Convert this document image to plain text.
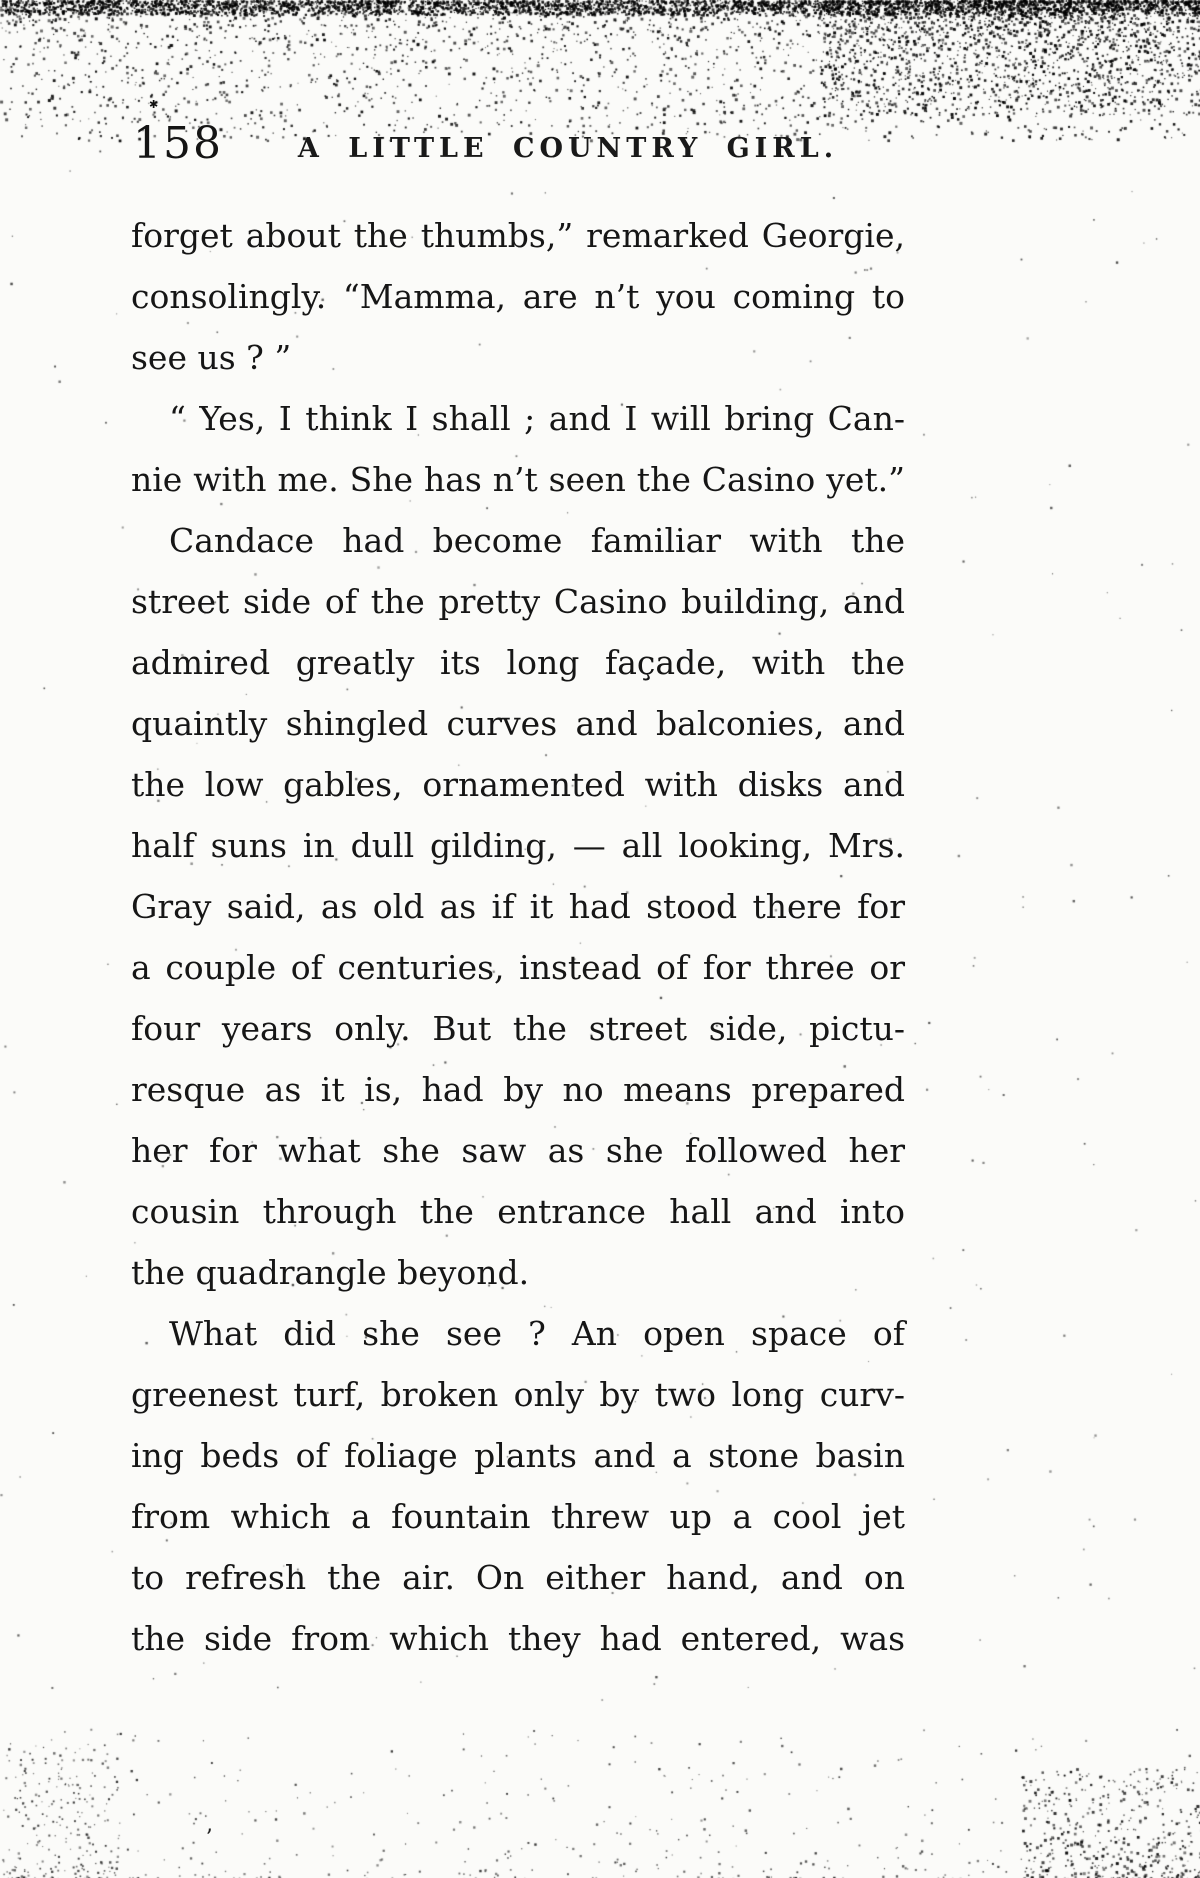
158
✱
A LITTLE COUNTRY GIRL.
forget about the thumbs,” remarked Georgie,
consolingly. “Mamma, are n’t you coming to
see us ? ”
“ Yes, I think I shall ; and I will bring Can-
nie with me. She has n’t seen the Casino yet.”
Candace had become familiar with the
street side of the pretty Casino building, and
admired greatly its long façade, with the
quaintly shingled curves and balconies, and
the low gables, ornamented with disks and
half suns in dull gilding, — all looking, Mrs.
Gray said, as old as if it had stood there for
a couple of centuries, instead of for three or
four years only. But the street side, pictu-
resque as it is, had by no means prepared
her for what she saw as she followed her
cousin through the entrance hall and into
the quadrangle beyond.
What did she see ? An open space of
greenest turf, broken only by two long curv-
ing beds of foliage plants and a stone basin
from which a fountain threw up a cool jet
to refresh the air. On either hand, and on
the side from which they had entered, was
ʼ
